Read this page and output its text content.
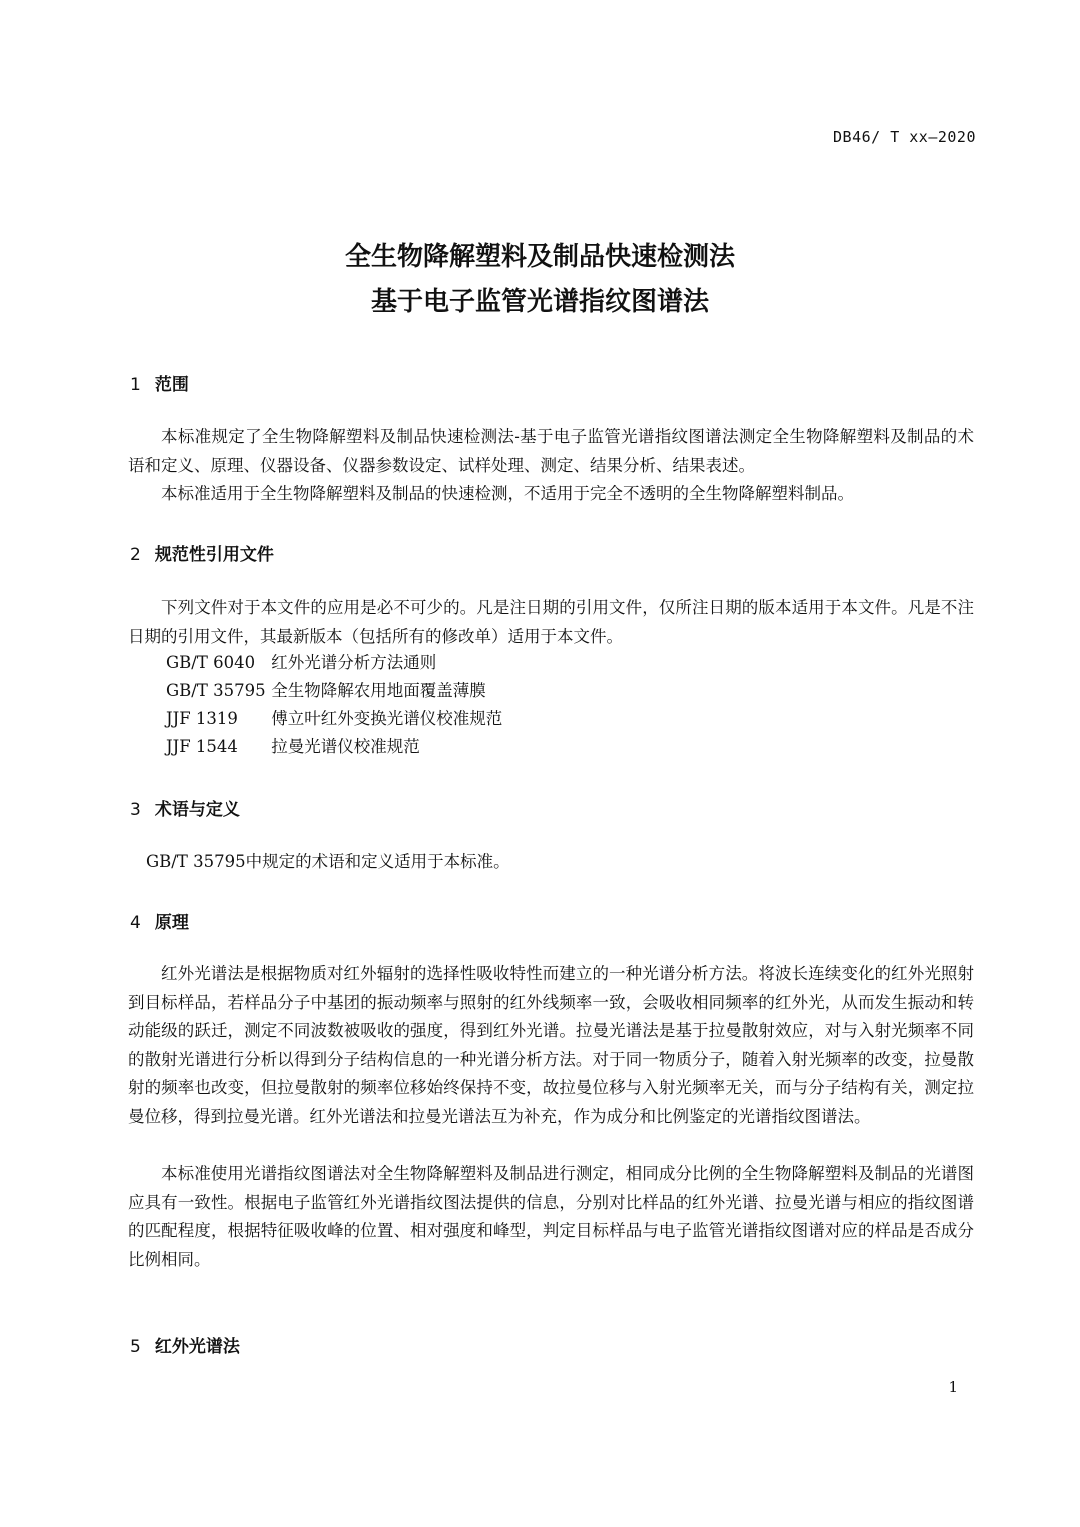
DB46/ T xx—2020
全生物降解塑料及制品快速检测法
基于电子监管光谱指纹图谱法
1 范围
本标准规定了全生物降解塑料及制品快速检测法-基于电子监管光谱指纹图谱法测定全生物降解塑料及制品的术语和定义、原理、仪器设备、仪器参数设定、试样处理、测定、结果分析、结果表述。
本标准适用于全生物降解塑料及制品的快速检测，不适用于完全不透明的全生物降解塑料制品。
2 规范性引用文件
下列文件对于本文件的应用是必不可少的。凡是注日期的引用文件，仅所注日期的版本适用于本文件。凡是不注日期的引用文件，其最新版本（包括所有的修改单）适用于本文件。
GB/T 6040 红外光谱分析方法通则
GB/T 35795 全生物降解农用地面覆盖薄膜
JJF 1319 傅立叶红外变换光谱仪校准规范
JJF 1544 拉曼光谱仪校准规范
3 术语与定义
GB/T 35795中规定的术语和定义适用于本标准。
4 原理
红外光谱法是根据物质对红外辐射的选择性吸收特性而建立的一种光谱分析方法。将波长连续变化的红外光照射到目标样品，若样品分子中基团的振动频率与照射的红外线频率一致，会吸收相同频率的红外光，从而发生振动和转动能级的跃迁，测定不同波数被吸收的强度，得到红外光谱。拉曼光谱法是基于拉曼散射效应，对与入射光频率不同的散射光谱进行分析以得到分子结构信息的一种光谱分析方法。对于同一物质分子，随着入射光频率的改变，拉曼散射的频率也改变，但拉曼散射的频率位移始终保持不变，故拉曼位移与入射光频率无关，而与分子结构有关，测定拉曼位移，得到拉曼光谱。红外光谱法和拉曼光谱法互为补充，作为成分和比例鉴定的光谱指纹图谱法。
本标准使用光谱指纹图谱法对全生物降解塑料及制品进行测定，相同成分比例的全生物降解塑料及制品的光谱图应具有一致性。根据电子监管红外光谱指纹图法提供的信息，分别对比样品的红外光谱、拉曼光谱与相应的指纹图谱的匹配程度，根据特征吸收峰的位置、相对强度和峰型，判定目标样品与电子监管光谱指纹图谱对应的样品是否成分比例相同。
5 红外光谱法
1
